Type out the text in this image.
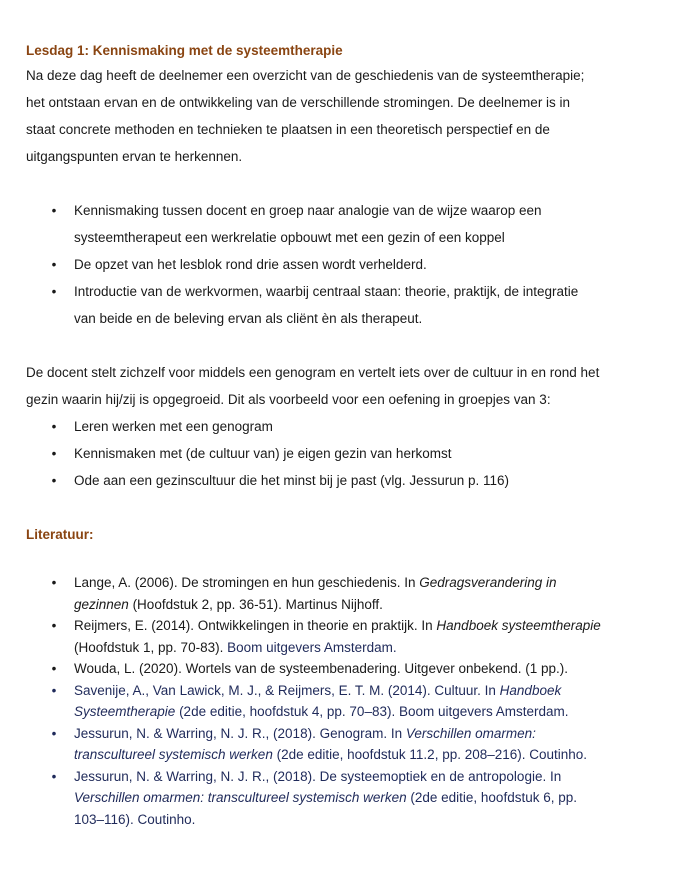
Lesdag 1: Kennismaking met de systeemtherapie

Na deze dag heeft de deelnemer een overzicht van de geschiedenis van de systeemtherapie;

het ontstaan ervan en de ontwikkeling van de verschillende stromingen. De deelnemer is in

staat concrete methoden en technieken te plaatsen in een theoretisch perspectief en de

uitgangspunten ervan te herkennen.

• Kennismaking tussen docent en groep naar analogie van de wijze waarop een
systeemtherapeut een werkrelatie opbouwt met een gezin of een koppel
• De opzet van het lesblok rond drie assen wordt verhelderd.
• Introductie van de werkvormen, waarbij centraal staan: theorie, praktijk, de integratie
van beide en de beleving ervan als cliënt èn als therapeut.

De docent stelt zichzelf voor middels een genogram en vertelt iets over de cultuur in en rond het

gezin waarin hij/zij is opgegroeid. Dit als voorbeeld voor een oefening in groepjes van 3:

• Leren werken met een genogram
• Kennismaken met (de cultuur van) je eigen gezin van herkomst
• Ode aan een gezinscultuur die het minst bij je past (vlg. Jessurun p. 116)
Literatuur:
• Lange, A. (2006). De stromingen en hun geschiedenis. In Gedragsverandering in
gezinnen (Hoofdstuk 2, pp. 36-51). Martinus Nijhoff.
• Reijmers, E. (2014). Ontwikkelingen in theorie en praktijk. In Handboek systeemtherapie
(Hoofdstuk 1, pp. 70-83). Boom uitgevers Amsterdam.
• Wouda, L. (2020). Wortels van de systeembenadering. Uitgever onbekend. (1 pp.).
• Savenije, A., Van Lawick, M. J., & Reijmers, E. T. M. (2014). Cultuur. In Handboek
Systeemtherapie (2de editie, hoofdstuk 4, pp. 70–83). Boom uitgevers Amsterdam.
• Jessurun, N. & Warring, N. J. R., (2018). Genogram. In Verschillen omarmen:
transcultureel systemisch werken (2de editie, hoofdstuk 11.2, pp. 208–216). Coutinho.
• Jessurun, N. & Warring, N. J. R., (2018). De systeemoptiek en de antropologie. In
Verschillen omarmen: transcultureel systemisch werken (2de editie, hoofdstuk 6, pp.
103–116). Coutinho.
